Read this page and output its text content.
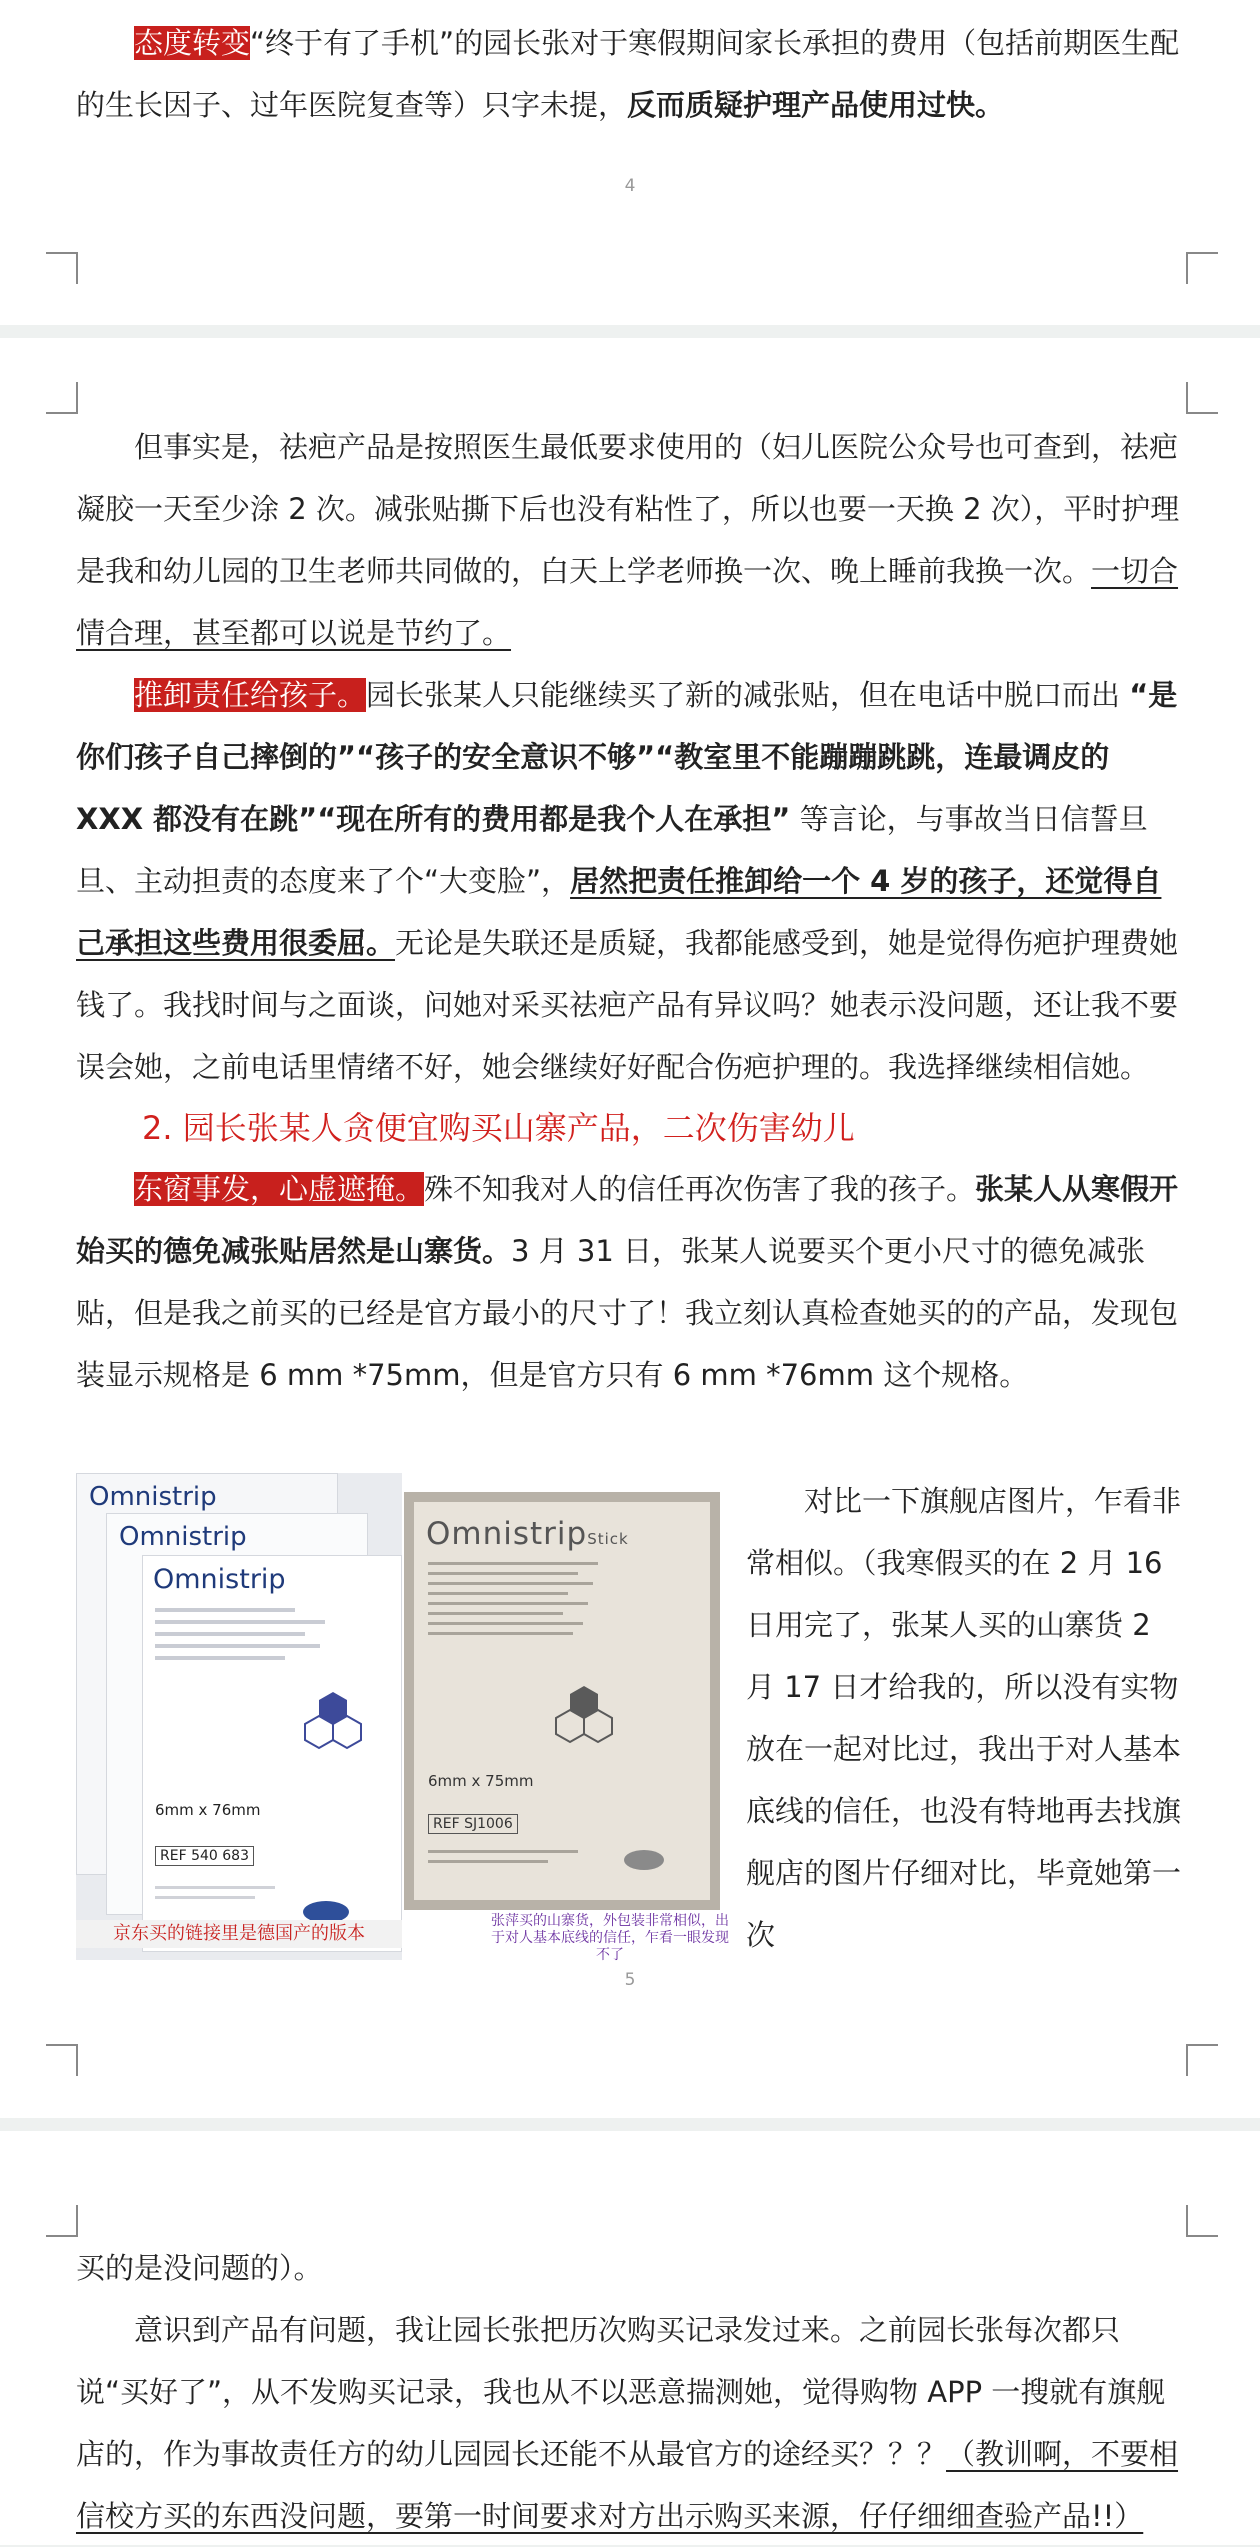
态度转变“终于有了手机”的园长张对于寒假期间家长承担的费用（包括前期医生配的生长因子、过年医院复查等）只字未提，反而质疑护理产品使用过快。

4

但事实是，祛疤产品是按照医生最低要求使用的（妇儿医院公众号也可查到，祛疤凝胶一天至少涂 2 次。减张贴撕下后也没有粘性了，所以也要一天换 2 次），平时护理是我和幼儿园的卫生老师共同做的，白天上学老师换一次、晚上睡前我换一次。一切合情合理，甚至都可以说是节约了。

推卸责任给孩子。园长张某人只能继续买了新的减张贴，但在电话中脱口而出 “是你们孩子自己摔倒的”“孩子的安全意识不够”“教室里不能蹦蹦跳跳，连最调皮的 XXX 都没有在跳”“现在所有的费用都是我个人在承担” 等言论，与事故当日信誓旦旦、主动担责的态度来了个“大变脸”，居然把责任推卸给一个 4 岁的孩子，还觉得自己承担这些费用很委屈。无论是失联还是质疑，我都能感受到，她是觉得伤疤护理费她钱了。我找时间与之面谈，问她对采买祛疤产品有异议吗？她表示没问题，还让我不要误会她，之前电话里情绪不好，她会继续好好配合伤疤护理的。我选择继续相信她。

2. 园长张某人贪便宜购买山寨产品，二次伤害幼儿

东窗事发，心虚遮掩。殊不知我对人的信任再次伤害了我的孩子。张某人从寒假开始买的德免减张贴居然是山寨货。3 月 31 日，张某人说要买个更小尺寸的德免减张贴，但是我之前买的已经是官方最小的尺寸了！我立刻认真检查她买的的产品，发现包装显示规格是 6 mm *75mm，但是官方只有 6 mm *76mm 这个规格。

Omnistrip
Omnistrip
Omnistrip
6mm x 76mm
REF 540 683
京东买的链接里是德国产的版本
OmnistripStick
6mm x 75mm
REF SJ1006
张萍买的山寨货，外包装非常相似，出于对人基本底线的信任，乍看一眼发现不了

对比一下旗舰店图片，乍看非常相似。（我寒假买的在 2 月 16 日用完了，张某人买的山寨货 2 月 17 日才给我的，所以没有实物放在一起对比过，我出于对人基本底线的信任，也没有特地再去找旗舰店的图片仔细对比，毕竟她第一次

5

买的是没问题的）。

意识到产品有问题，我让园长张把历次购买记录发过来。之前园长张每次都只说“买好了”，从不发购买记录，我也从不以恶意揣测她，觉得购物 APP 一搜就有旗舰店的，作为事故责任方的幼儿园园长还能不从最官方的途经买？？？（教训啊，不要相信校方买的东西没问题，要第一时间要求对方出示购买来源，仔仔细细查验产品!!）
